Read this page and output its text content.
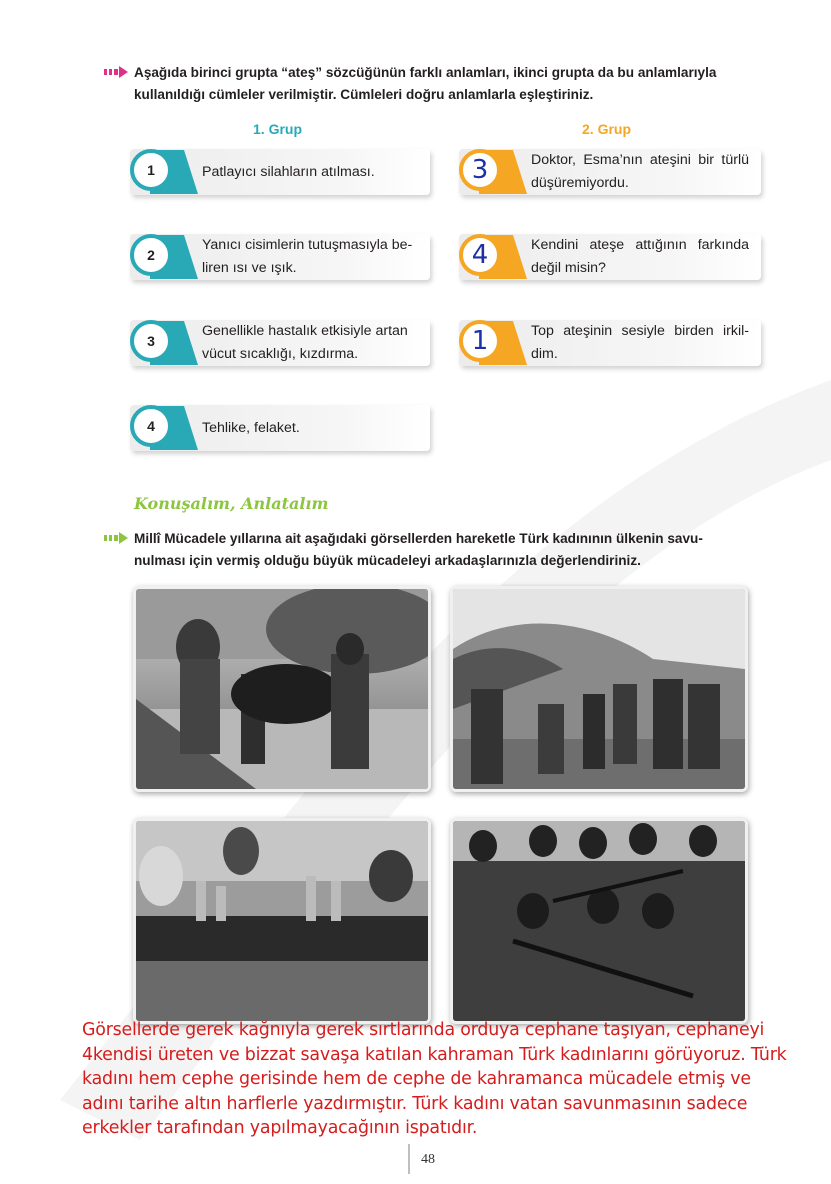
Aşağıda birinci grupta “ateş” sözcüğünün farklı anlamları, ikinci grupta da bu anlamlarıyla

kullanıldığı cümleler verilmiştir. Cümleleri doğru anlamlarla eşleştiriniz.

1. Grup	2. Grup
1	Patlayıcı silahların atılması.
2
Yanıcı cisimlerin tutuşmasıyla be-liren ısı ve ışık.
3
Genellikle hastalık etkisiyle artan vücut sıcaklığı, kızdırma.
4	Tehlike, felaket.
3	Doktor, Esma’nın ateşini bir türlü düşüremiyordu.
4	Kendini ateşe attığının farkında değil misin?
1	Top ateşinin sesiyle birden irkil-dim.
Konuşalım, Anlatalım

Millî Mücadele yıllarına ait aşağıdaki görsellerden hareketle Türk kadınının ülkenin savu-

nulması için vermiş olduğu büyük mücadeleyi arkadaşlarınızla değerlendiriniz.

Görsellerde gerek kağnıyla gerek sırtlarında orduya cephane taşıyan, cephaneyi
4kendisi üreten ve bizzat savaşa katılan kahraman Türk kadınlarını görüyoruz. Türk
kadını hem cephe gerisinde hem de cephe de kahramanca mücadele etmiş ve
adını tarihe altın harflerle yazdırmıştır. Türk kadını vatan savunmasının sadece
erkekler tarafından yapılmayacağının ispatıdır.
48
